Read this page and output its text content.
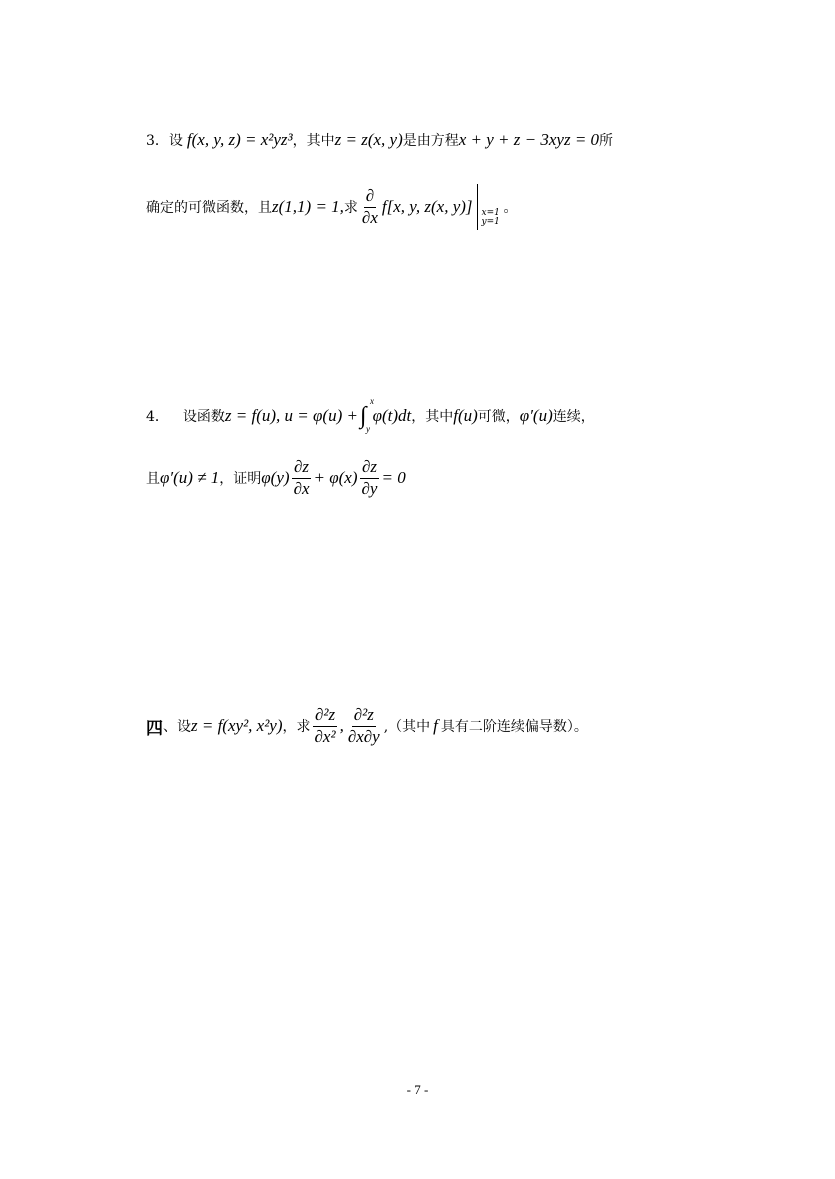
3．设 f(x, y, z) = x²yz³ ，其中 z = z(x, y) 是由方程 x + y + z − 3xyz = 0 所
确定的可微函数，且 z(1,1) = 1, 求 $\frac{\partial}{\partial x} f[x$, y, z(x, y)] x=1
y=1
。
4． 设函数 z = f(u), u = φ(u) + ∫
x
y
φ(t)dt ，其中 f(u) 可微， φ′(u) 连续，
且 φ′(u) ≠ 1 ，证明 $\varphi(y) \frac{\partial z}{\partial x} + \varphi(x) \frac{\partial z}{\partial y} = 0$
四 、设 z = f(xy², x²y) ，求 $\frac{\text{∂²z}}{\text{∂x²}}$ , $\frac{\text{∂²z}}{\partial x\partial y}$ ,（其中 f 具有二阶连续偏导数）。
- 7 -
